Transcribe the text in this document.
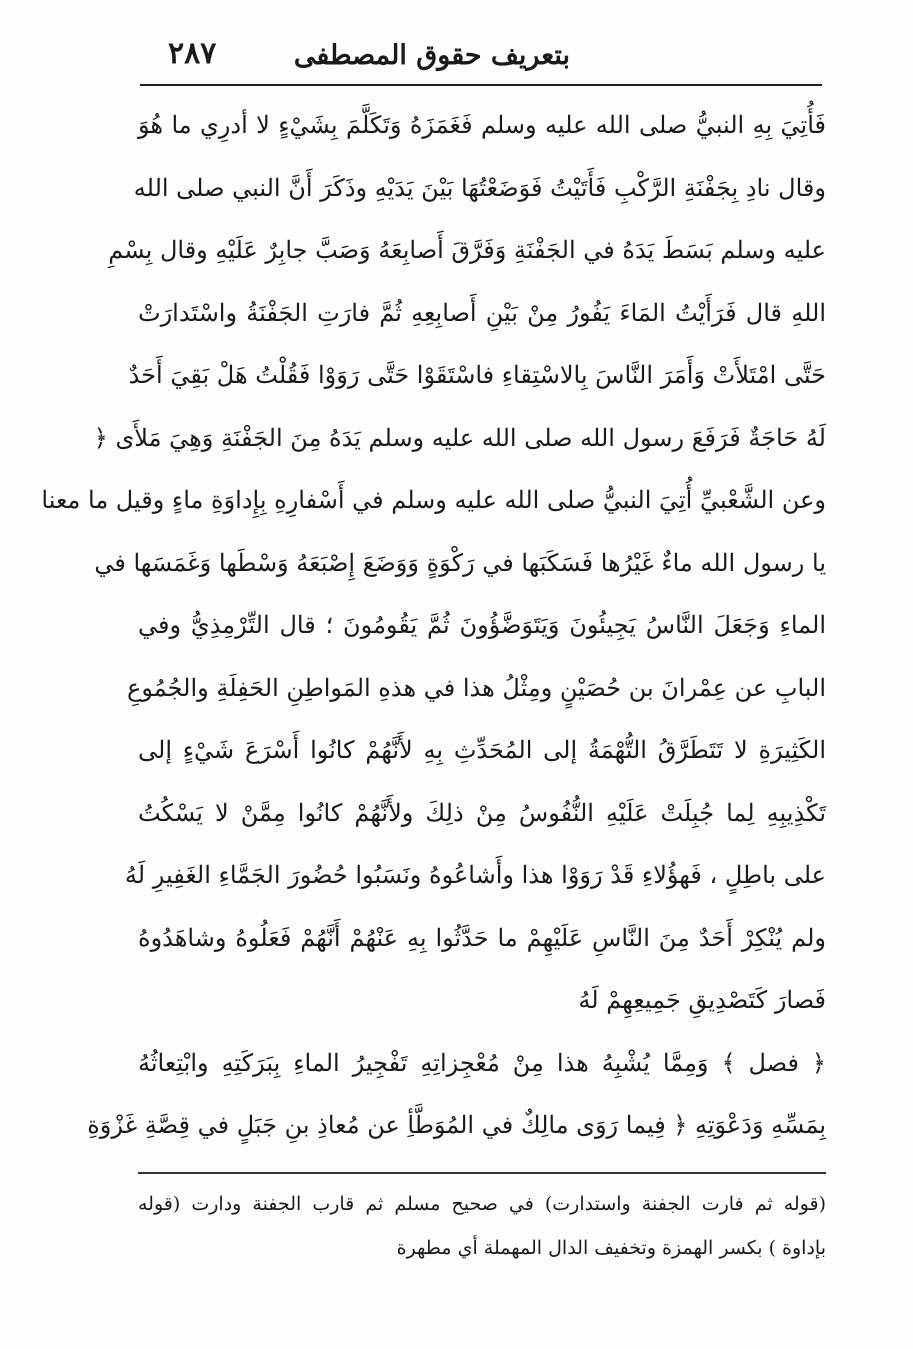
بتعريف حقوق المصطفى
٢٨٧
فَأُتِيَ بِهِ النبيُّ صلى الله عليه وسلم فَغَمَزَهُ وَتَكَلَّمَ بِشَيْءٍ لا أدرِي ما هُوَ
وقال نادِ بِجَفْنَةِ الرَّكْبِ فَأَتَيْتُ فَوَضَعْتُهَا بَيْنَ يَدَيْهِ وذَكَرَ أَنَّ النبي صلى الله
عليه وسلم بَسَطَ يَدَهُ في الجَفْنَةِ وَفَرَّقَ أَصابِعَهُ وَصَبَّ جابِرٌ عَلَيْهِ وقال بِسْمِ
اللهِ قال فَرَأَيْتُ المَاءَ يَفُورُ مِنْ بَيْنِ أَصابِعِهِ ثُمَّ فارَتِ الجَفْنَةُ واسْتَدارَتْ
حَتَّى امْتَلأَتْ وَأَمَرَ النَّاسَ بِالاسْتِقاءِ فاسْتَقَوْا حَتَّى رَوَوْا فَقُلْتُ هَلْ بَقِيَ أَحَدٌ
لَهُ حَاجَةٌ فَرَفَعَ رسول الله صلى الله عليه وسلم يَدَهُ مِنَ الجَفْنَةِ وَهِيَ مَلأَى ﴿
وعن الشَّعْبيِّ أُتِيَ النبيُّ صلى الله عليه وسلم في أَسْفارِهِ بِإِداوَةِ ماءٍ وقيل ما معنا
يا رسول الله ماءٌ غَيْرُها فَسَكَبَها في رَكْوَةٍ وَوَضَعَ إِصْبَعَهُ وَسْطَها وَغَمَسَها في
الماءِ وَجَعَلَ النَّاسُ يَجِيئُونَ وَيَتَوَضَّؤُونَ ثُمَّ يَقُومُونَ ؛ قال التِّرْمِذِيُّ وفي
البابِ عن عِمْرانَ بن حُصَيْنٍ ومِثْلُ هذا في هذهِ المَواطِنِ الحَفِلَةِ والجُمُوعِ
الكَثِيرَةِ لا تَتَطَرَّقُ التُّهْمَةُ إلى المُحَدِّثِ بِهِ لأَنَّهُمْ كانُوا أَسْرَعَ شَيْءٍ إلى
تَكْذِيبِهِ لِما جُبِلَتْ عَلَيْهِ النُّفُوسُ مِنْ ذلِكَ ولأَنَّهُمْ كانُوا مِمَّنْ لا يَسْكُتُ
على باطِلٍ ، فَهؤُلاءِ قَدْ رَوَوْا هذا وأَشاعُوهُ ونَسَبُوا حُضُورَ الجَمَّاءِ الغَفِيرِ لَهُ
ولم يُنْكِرْ أَحَدٌ مِنَ النَّاسِ عَلَيْهِمْ ما حَدَّثُوا بِهِ عَنْهُمْ أَنَّهُمْ فَعَلُوهُ وشاهَدُوهُ
فَصارَ كَتَصْدِيقِ جَمِيعِهِمْ لَهُ
﴿ فصل ﴾ وَمِمَّا يُشْبِهُ هذا مِنْ مُعْجِزاتِهِ تَفْجِيرُ الماءِ بِبَرَكَتِهِ وابْتِعاثُهُ
بِمَسِّهِ وَدَعْوَتِهِ ﴿ فِيما رَوَى مالِكٌ في المُوَطَّأِ عن مُعاذِ بنِ جَبَلٍ في قِصَّةِ غَزْوَةِ
(قوله ثم فارت الجفنة واستدارت) في صحيح مسلم ثم قارب الجفنة ودارت (قوله
بإداوة ) بكسر الهمزة وتخفيف الدال المهملة أي مطهرة
